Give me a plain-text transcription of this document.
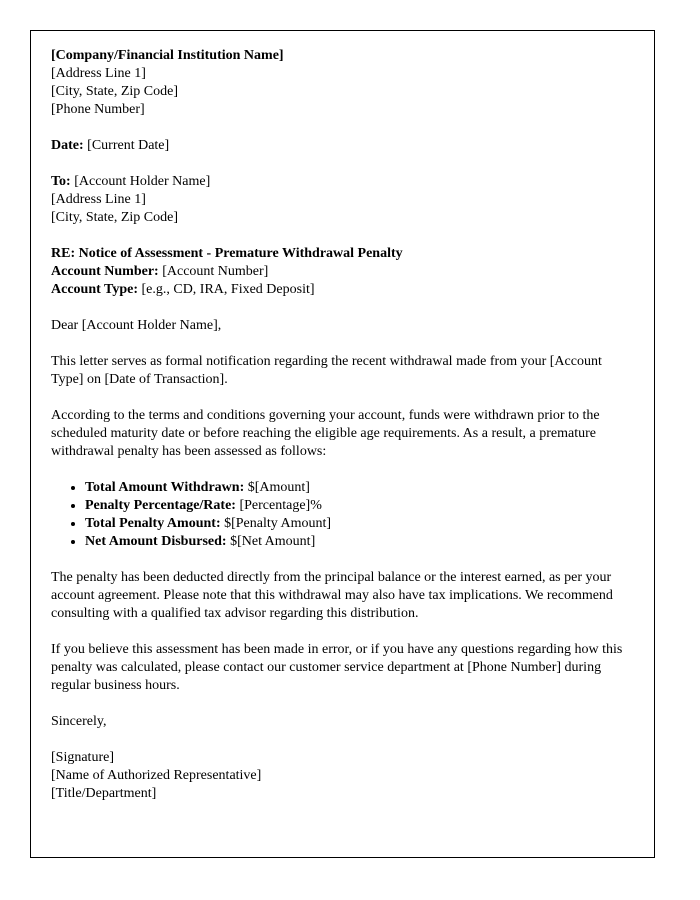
[Company/Financial Institution Name]
[Address Line 1]
[City, State, Zip Code]
[Phone Number]
Date: [Current Date]
To: [Account Holder Name]
[Address Line 1]
[City, State, Zip Code]
RE: Notice of Assessment - Premature Withdrawal Penalty
Account Number: [Account Number]
Account Type: [e.g., CD, IRA, Fixed Deposit]

Dear [Account Holder Name],

This letter serves as formal notification regarding the recent withdrawal made from your [Account Type] on [Date of Transaction].

According to the terms and conditions governing your account, funds were withdrawn prior to the scheduled maturity date or before reaching the eligible age requirements. As a result, a premature withdrawal penalty has been assessed as follows:

• Total Amount Withdrawn: $[Amount]
• Penalty Percentage/Rate: [Percentage]%
• Total Penalty Amount: $[Penalty Amount]
• Net Amount Disbursed: $[Net Amount]

The penalty has been deducted directly from the principal balance or the interest earned, as per your account agreement. Please note that this withdrawal may also have tax implications. We recommend consulting with a qualified tax advisor regarding this distribution.

If you believe this assessment has been made in error, or if you have any questions regarding how this penalty was calculated, please contact our customer service department at [Phone Number] during regular business hours.

Sincerely,

[Signature]
[Name of Authorized Representative]
[Title/Department]
